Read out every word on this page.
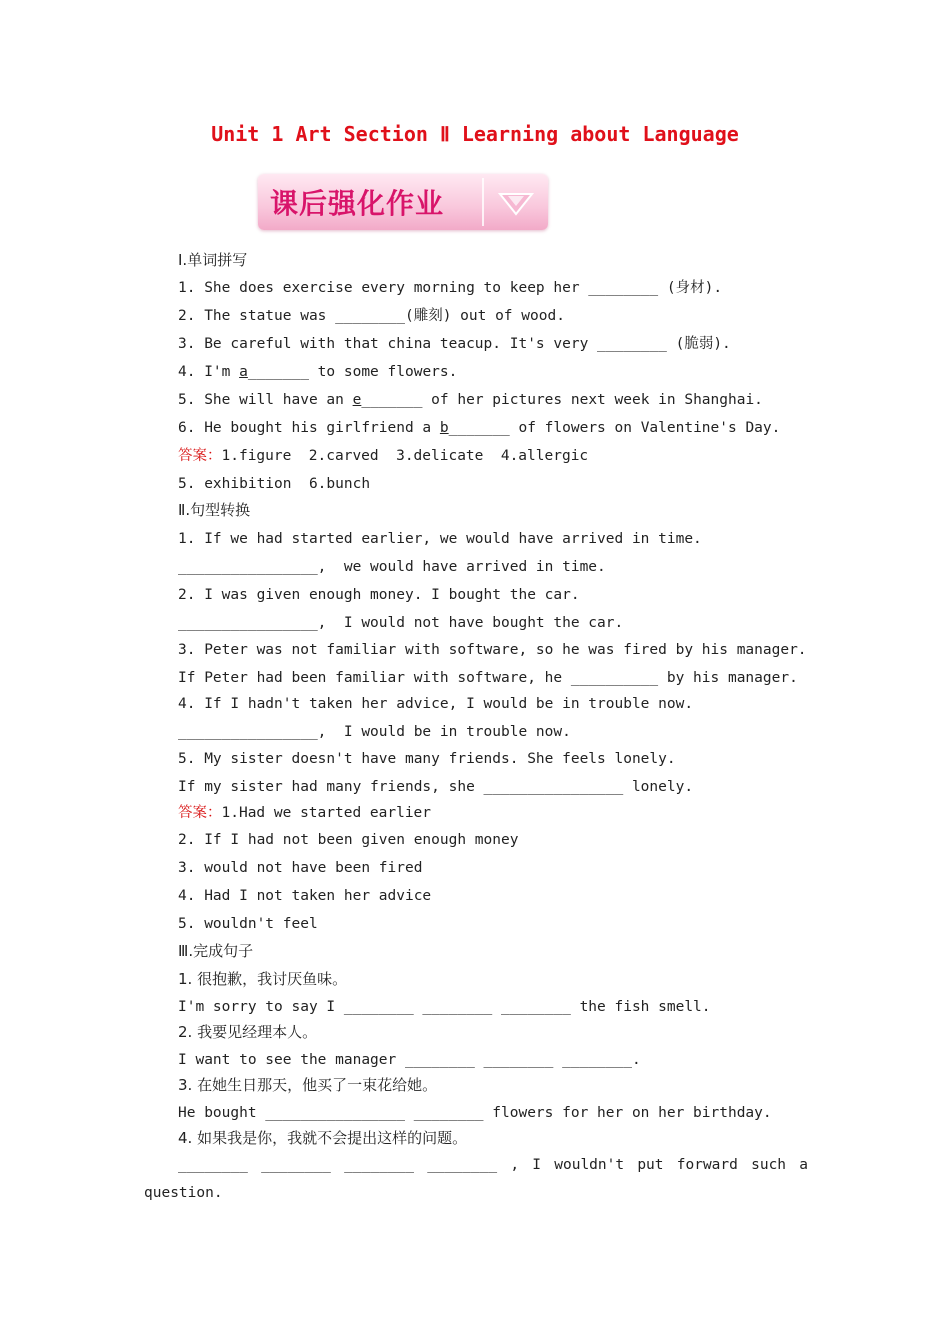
Unit 1 Art Section Ⅱ Learning about Language
课后强化作业
Ⅰ.单词拼写
1. She does exercise every morning to keep her ________ (身材).
2. The statue was ________(雕刻) out of wood.
3. Be careful with that china teacup. It's very ________ (脆弱).
4. I'm a_______ to some flowers.
5. She will have an e_______ of her pictures next week in Shanghai.
6. He bought his girlfriend a b_______ of flowers on Valentine's Day.
答案：1.figure  2.carved  3.delicate  4.allergic
5. exhibition  6.bunch
Ⅱ.句型转换
1. If we had started earlier, we would have arrived in time.
________________,  we would have arrived in time.
2. I was given enough money. I bought the car.
________________,  I would not have bought the car.
3. Peter was not familiar with software, so he was fired by his manager.
If Peter had been familiar with software, he __________ by his manager.
4. If I hadn't taken her advice, I would be in trouble now.
________________,  I would be in trouble now.
5. My sister doesn't have many friends. She feels lonely.
If my sister had many friends, she ________________ lonely.
答案：1.Had we started earlier
2. If I had not been given enough money
3. would not have been fired
4. Had I not taken her advice
5. wouldn't feel
Ⅲ.完成句子
1. 很抱歉，我讨厌鱼味。
I'm sorry to say I ________ ________ ________ the fish smell.
2. 我要见经理本人。
I want to see the manager ________ ________ ________.
3. 在她生日那天，他买了一束花给她。
He bought ________________ ________ flowers for her on her birthday.
4. 如果我是你，我就不会提出这样的问题。
________ ________ ________ ________ , I wouldn't put forward such a
question.
